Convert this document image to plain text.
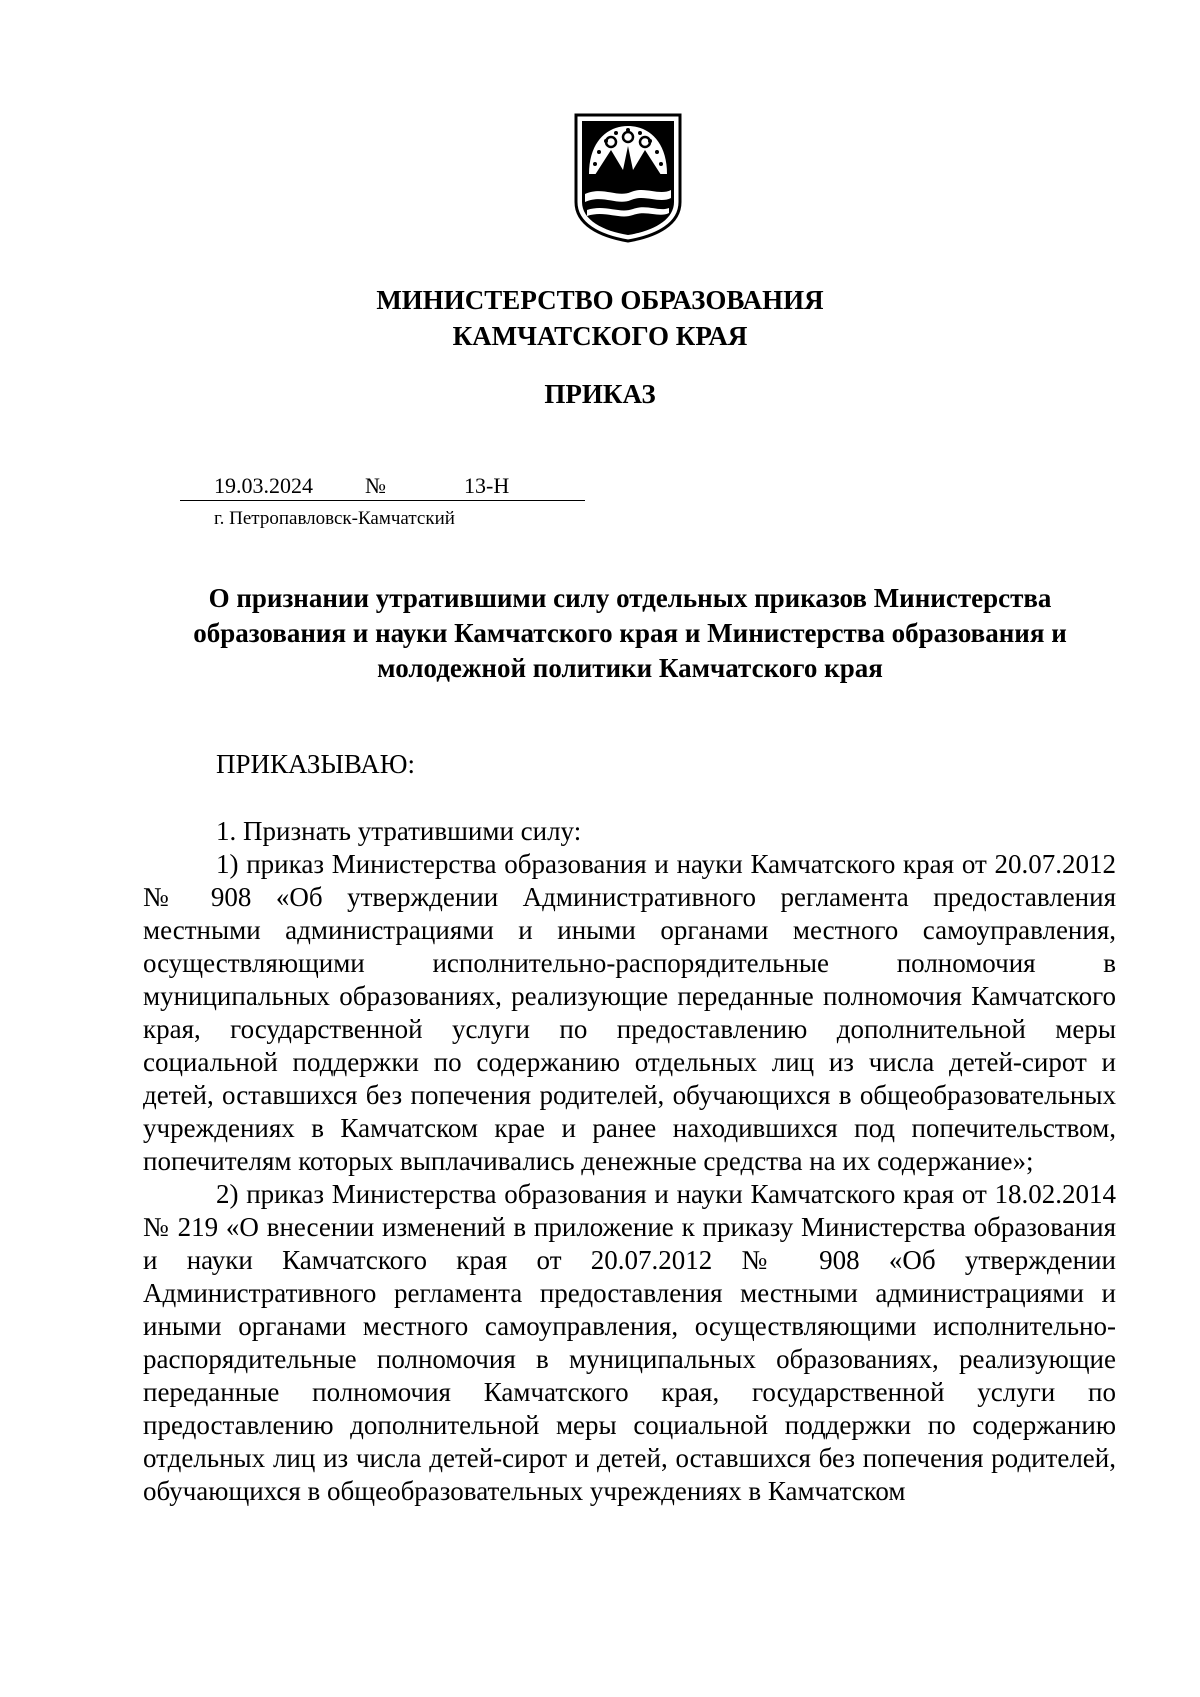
МИНИСТЕРСТВО ОБРАЗОВАНИЯ
КАМЧАТСКОГО КРАЯ
ПРИКАЗ
19.03.2024 №	13-Н
г. Петропавловск-Камчатский
О признании утратившими силу отдельных приказов Министерства
образования и науки Камчатского края и Министерства образования и
молодежной политики Камчатского края
ПРИКАЗЫВАЮ:

1. Признать утратившими силу:

1) приказ Министерства образования и науки Камчатского края от 20.07.2012 № 908 «Об утверждении Административного регламента предоставления местными администрациями и иными органами местного самоуправления, осуществляющими исполнительно-распорядительные полномочия в муниципальных образованиях, реализующие переданные полномочия Камчатского края, государственной услуги по предоставлению дополнительной меры социальной поддержки по содержанию отдельных лиц из числа детей-сирот и детей, оставшихся без попечения родителей, обучающихся в общеобразовательных учреждениях в Камчатском крае и ранее находившихся под попечительством, попечителям которых выплачивались денежные средства на их содержание»;

2) приказ Министерства образования и науки Камчатского края от 18.02.2014 № 219 «О внесении изменений в приложение к приказу Министерства образования и науки Камчатского края от 20.07.2012 № 908 «Об утверждении Административного регламента предоставления местными администрациями и иными органами местного самоуправления, осуществляющими исполнительно-распорядительные полномочия в муниципальных образованиях, реализующие переданные полномочия Камчатского края, государственной услуги по предоставлению дополнительной меры социальной поддержки по содержанию отдельных лиц из числа детей-сирот и детей, оставшихся без попечения родителей, обучающихся в общеобразовательных учреждениях в Камчатском
